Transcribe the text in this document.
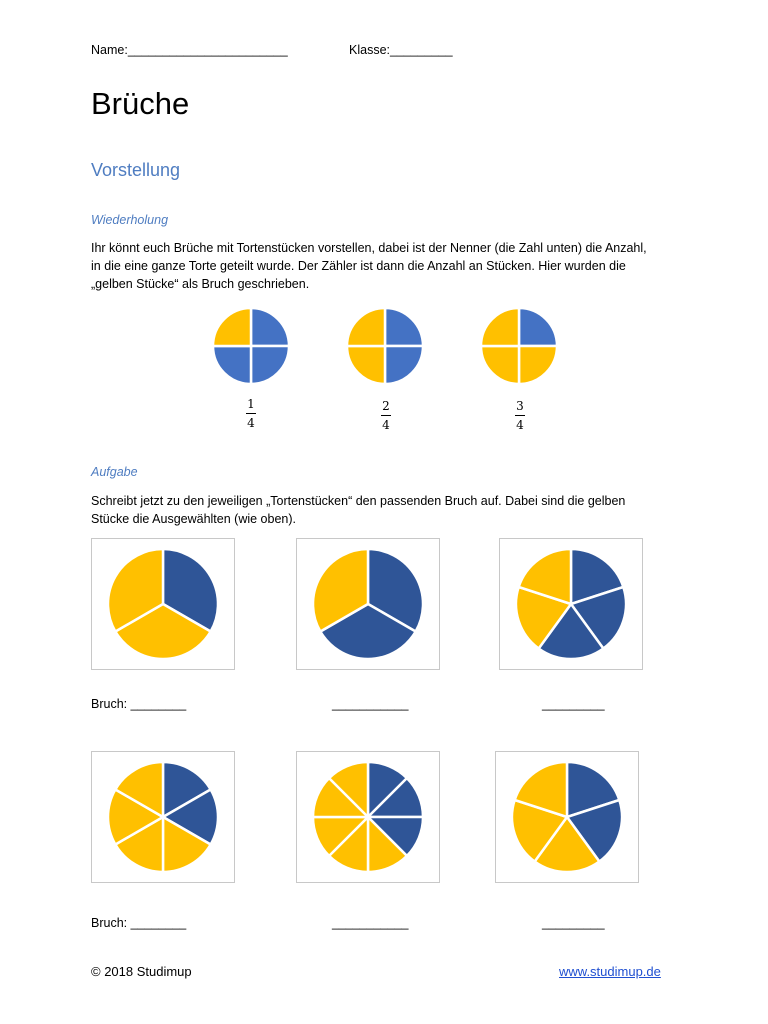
Name:_______________________	Klasse:_________
Brüche
Vorstellung
Wiederholung
Ihr könnt euch Brüche mit Tortenstücken vorstellen, dabei ist der Nenner (die Zahl unten) die Anzahl,
in die eine ganze Torte geteilt wurde. Der Zähler ist dann die Anzahl an Stücken. Hier wurden die
„gelben Stücke“ als Bruch geschrieben.
1
4
2
4
3
4
Aufgabe
Schreibt jetzt zu den jeweiligen „Tortenstücken“ den passenden Bruch auf. Dabei sind die gelben
Stücke die Ausgewählten (wie oben).
Bruch: ________	___________	_________
Bruch: ________	___________	_________
© 2018 Studimup	www.studimup.de
